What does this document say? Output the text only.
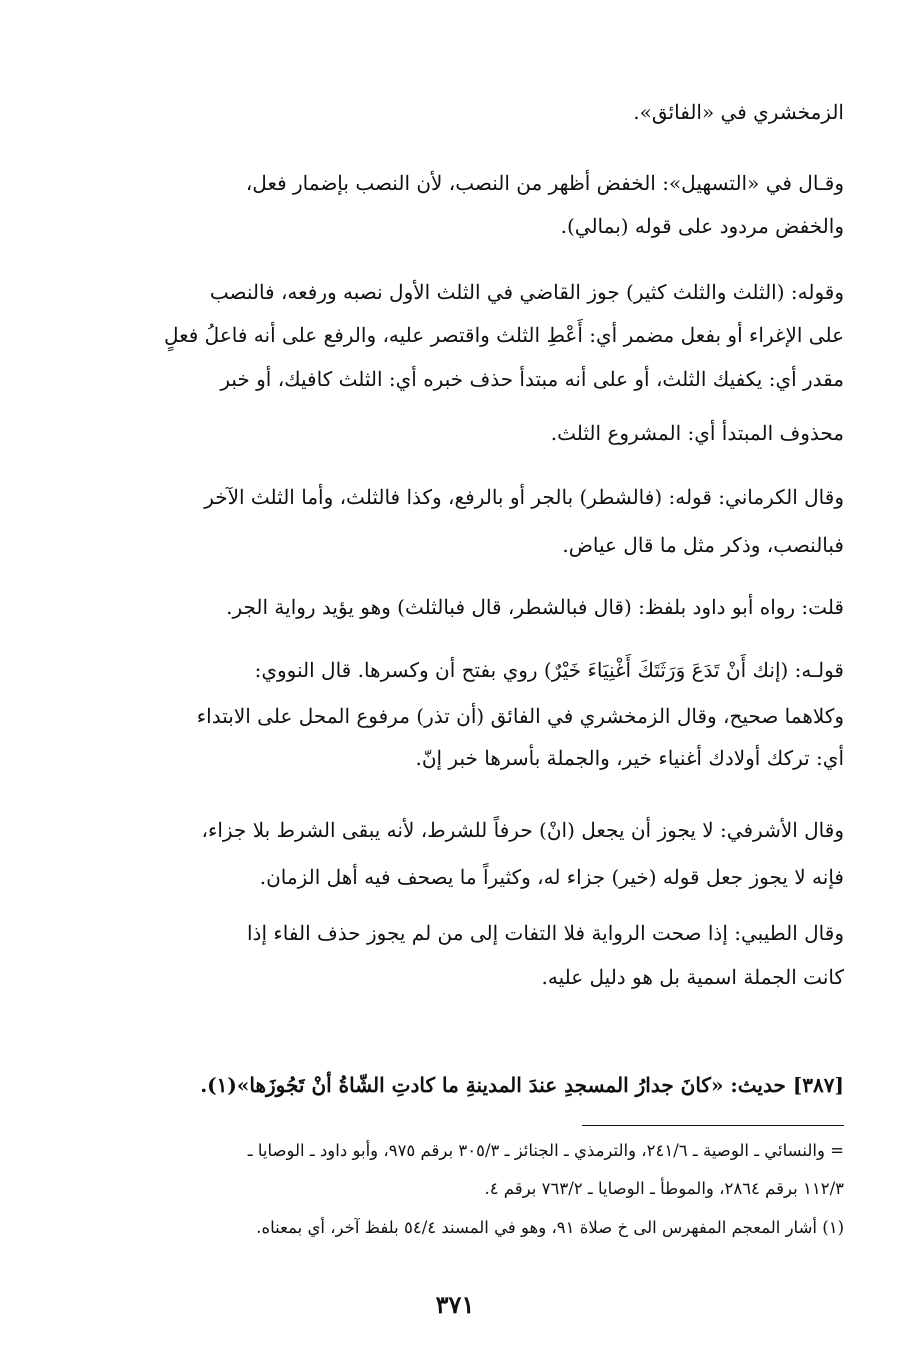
الزمخشري في «الفائق».
وقـال في «التسهيل»: الخفض أظهر من النصب، لأن النصب بإضمار فعل،
والخفض مردود على قوله (بمالي).
وقوله: (الثلث والثلث كثير) جوز القاضي في الثلث الأول نصبه ورفعه، فالنصب
على الإغراء أو بفعل مضمر أي: أَعْطِ الثلث واقتصر عليه، والرفع على أنه فاعلُ فعلٍ
مقدر أي: يكفيك الثلث، أو على أنه مبتدأ حذف خبره أي: الثلث كافيك، أو خبر
محذوف المبتدأ أي: المشروع الثلث.
وقال الكرماني: قوله: (فالشطر) بالجر أو بالرفع، وكذا فالثلث، وأما الثلث الآخر
فبالنصب، وذكر مثل ما قال عياض.
قلت: رواه أبو داود بلفظ: (قال فبالشطر، قال فبالثلث) وهو يؤيد رواية الجر.
قولـه: (إنك أَنْ تَدَعَ وَرَثَتَكَ أَغْنِيَاءَ خَيْرٌ) روي بفتح أن وكسرها. قال النووي:
وكلاهما صحيح، وقال الزمخشري في الفائق (أن تذر) مرفوع المحل على الابتداء
أي: تركك أولادك أغنياء خير، والجملة بأسرها خبر إنّ.
وقال الأشرفي: لا يجوز أن يجعل (انْ) حرفاً للشرط، لأنه يبقى الشرط بلا جزاء،
فإنه لا يجوز جعل قوله (خير) جزاء له، وكثيراً ما يصحف فيه أهل الزمان.
وقال الطيبي: إذا صحت الرواية فلا التفات إلى من لم يجوز حذف الفاء إذا
كانت الجملة اسمية بل هو دليل عليه.
[٣٨٧] حديث: «كانَ جدارُ المسجدِ عندَ المدينةِ ما كادتِ الشّاةُ أنْ تَجُوزَها»(١).
= والنسائي ـ الوصية ـ ٢٤١/٦، والترمذي ـ الجنائز ـ ٣٠٥/٣ برقم ٩٧٥، وأبو داود ـ الوصايا ـ
١١٢/٣ برقم ٢٨٦٤، والموطأ ـ الوصايا ـ ٧٦٣/٢ برقم ٤.
(١) أشار المعجم المفهرس الى خ صلاة ٩١، وهو في المسند ٥٤/٤ بلفظ آخر، أي بمعناه.
٣٧١
